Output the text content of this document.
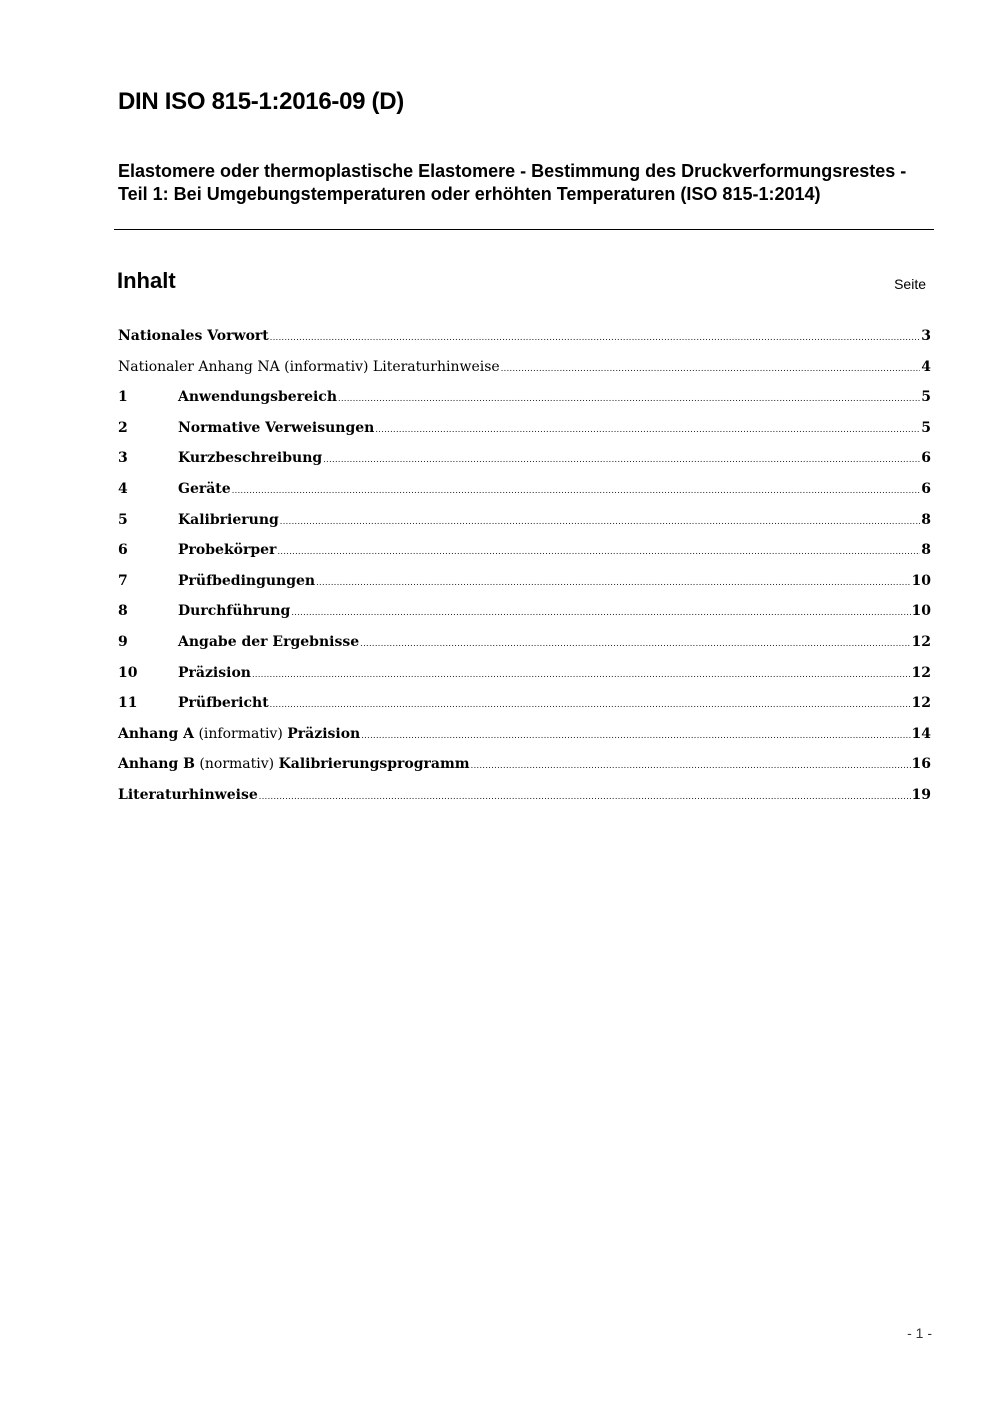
DIN ISO 815-1:2016-09 (D)
Elastomere oder thermoplastische Elastomere - Bestimmung des Druckverformungsrestes - Teil 1: Bei Umgebungstemperaturen oder erhöhten Temperaturen (ISO 815-1:2014)
Inhalt	Seite
Nationales Vorwort .....	3
Nationaler Anhang NA (informativ) Literaturhinweise .....	4
1	Anwendungsbereich .....	5
2	Normative Verweisungen .....	5
3	Kurzbeschreibung .....	6
4	Geräte .....	6
5	Kalibrierung .....	8
6	Probekörper .....	8
7	Prüfbedingungen .....	10
8	Durchführung .....	10
9	Angabe der Ergebnisse .....	12
10	Präzision .....	12
11	Prüfbericht .....	12
Anhang A (informativ) Präzision .....	14
Anhang B (normativ) Kalibrierungsprogramm .....	16
Literaturhinweise .....	19
- 1 -
